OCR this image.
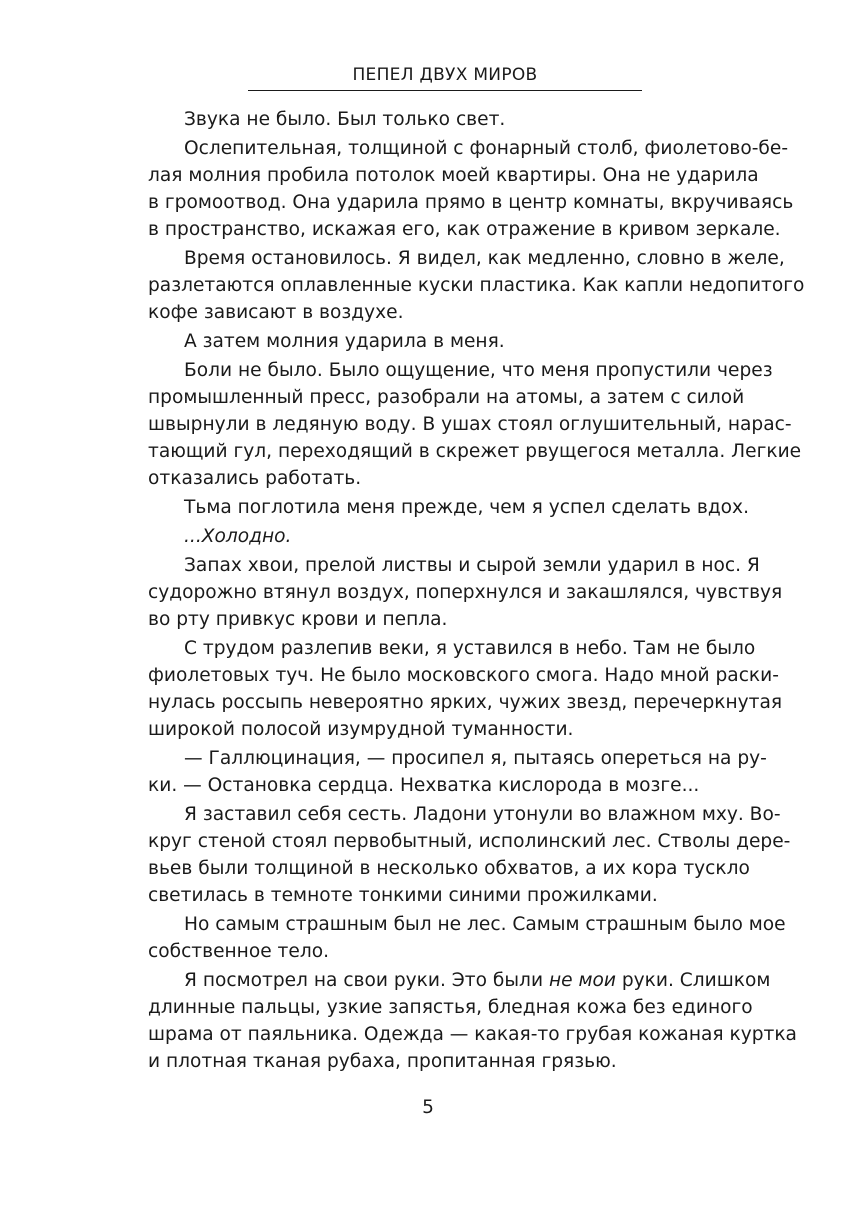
ПЕПЕЛ ДВУХ МИРОВ
Звука не было. Был только свет.
Ослепительная, толщиной с фонарный столб, фиолетово-бе-
лая молния пробила потолок моей квартиры. Она не ударила
в громоотвод. Она ударила прямо в центр комнаты, вкручиваясь
в пространство, искажая его, как отражение в кривом зеркале.
Время остановилось. Я видел, как медленно, словно в желе,
разлетаются оплавленные куски пластика. Как капли недопитого
кофе зависают в воздухе.
А затем молния ударила в меня.
Боли не было. Было ощущение, что меня пропустили через
промышленный пресс, разобрали на атомы, а затем с силой
швырнули в ледяную воду. В ушах стоял оглушительный, нарас-
тающий гул, переходящий в скрежет рвущегося металла. Легкие
отказались работать.
Тьма поглотила меня прежде, чем я успел сделать вдох.
...Холодно.
Запах хвои, прелой листвы и сырой земли ударил в нос. Я
судорожно втянул воздух, поперхнулся и закашлялся, чувствуя
во рту привкус крови и пепла.
С трудом разлепив веки, я уставился в небо. Там не было
фиолетовых туч. Не было московского смога. Надо мной раски-
нулась россыпь невероятно ярких, чужих звезд, перечеркнутая
широкой полосой изумрудной туманности.
— Галлюцинация, — просипел я, пытаясь опереться на ру-
ки. — Остановка сердца. Нехватка кислорода в мозге...
Я заставил себя сесть. Ладони утонули во влажном мху. Во-
круг стеной стоял первобытный, исполинский лес. Стволы дере-
вьев были толщиной в несколько обхватов, а их кора тускло
светилась в темноте тонкими синими прожилками.
Но самым страшным был не лес. Самым страшным было мое
собственное тело.
Я посмотрел на свои руки. Это были не мои руки. Слишком
длинные пальцы, узкие запястья, бледная кожа без единого
шрама от паяльника. Одежда — какая-то грубая кожаная куртка
и плотная тканая рубаха, пропитанная грязью.
5
